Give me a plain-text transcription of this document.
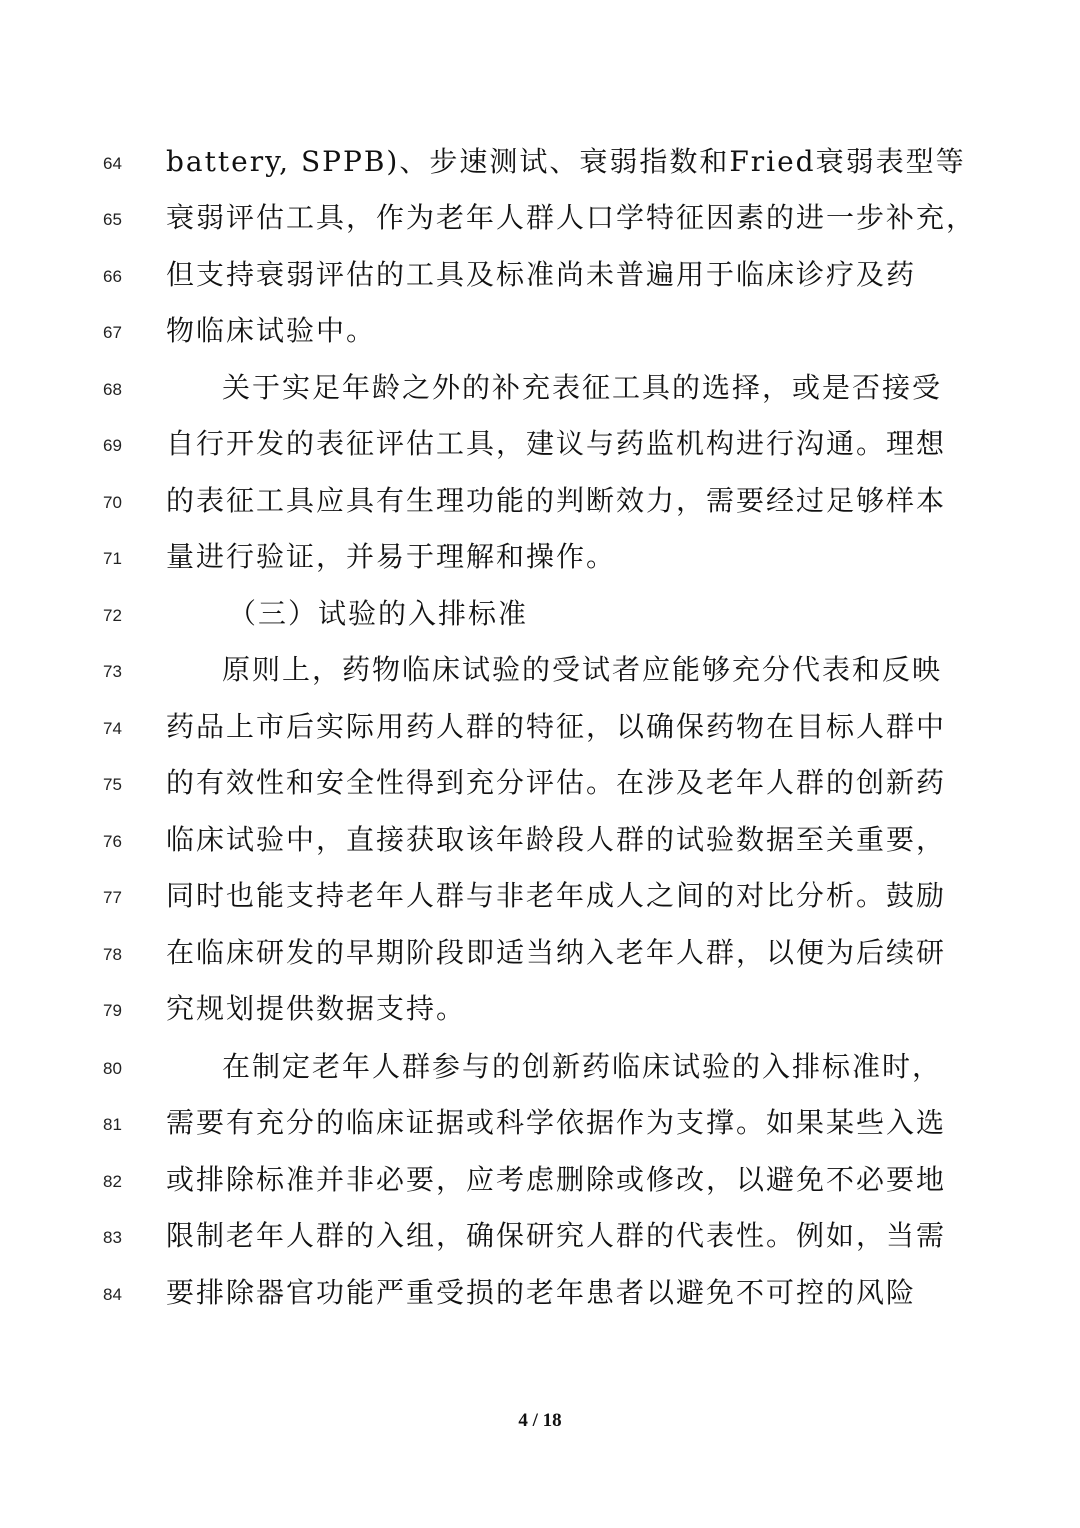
64	battery, SPPB)、步速测试、衰弱指数和Fried衰弱表型等
65	衰弱评估工具，作为老年人群人口学特征因素的进一步补充，
66	但支持衰弱评估的工具及标准尚未普遍用于临床诊疗及药
67	物临床试验中。
68	关于实足年龄之外的补充表征工具的选择，或是否接受
69	自行开发的表征评估工具，建议与药监机构进行沟通。理想
70	的表征工具应具有生理功能的判断效力，需要经过足够样本
71	量进行验证，并易于理解和操作。
72	（三）试验的入排标准
73	原则上，药物临床试验的受试者应能够充分代表和反映
74	药品上市后实际用药人群的特征，以确保药物在目标人群中
75	的有效性和安全性得到充分评估。在涉及老年人群的创新药
76	临床试验中，直接获取该年龄段人群的试验数据至关重要，
77	同时也能支持老年人群与非老年成人之间的对比分析。鼓励
78	在临床研发的早期阶段即适当纳入老年人群，以便为后续研
79	究规划提供数据支持。
80	在制定老年人群参与的创新药临床试验的入排标准时，
81	需要有充分的临床证据或科学依据作为支撑。如果某些入选
82	或排除标准并非必要，应考虑删除或修改，以避免不必要地
83	限制老年人群的入组，确保研究人群的代表性。例如，当需
84	要排除器官功能严重受损的老年患者以避免不可控的风险
4 / 18
